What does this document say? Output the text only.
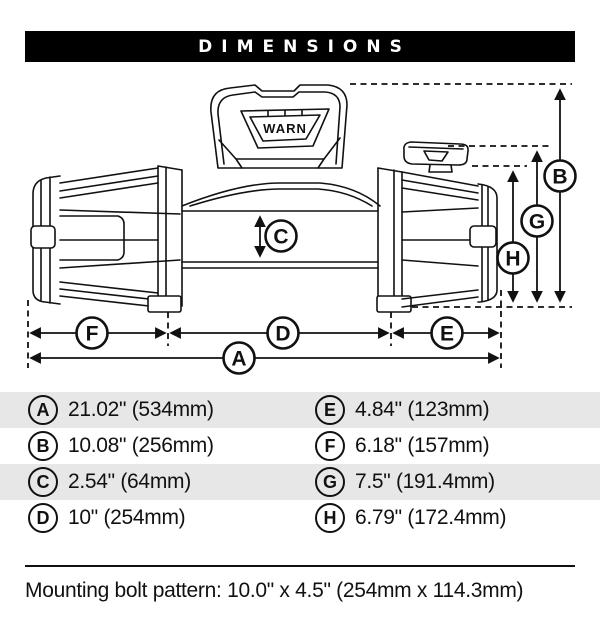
DIMENSIONS
WARN
C
B
G
H
F	D	E
A
A 21.02" (534mm)	E 4.84" (123mm)
B 10.08" (256mm)	F 6.18" (157mm)
C 2.54" (64mm)	G 7.5" (191.4mm)
D 10" (254mm)	H 6.79" (172.4mm)
Mounting bolt pattern: 10.0" x 4.5" (254mm x 114.3mm)
